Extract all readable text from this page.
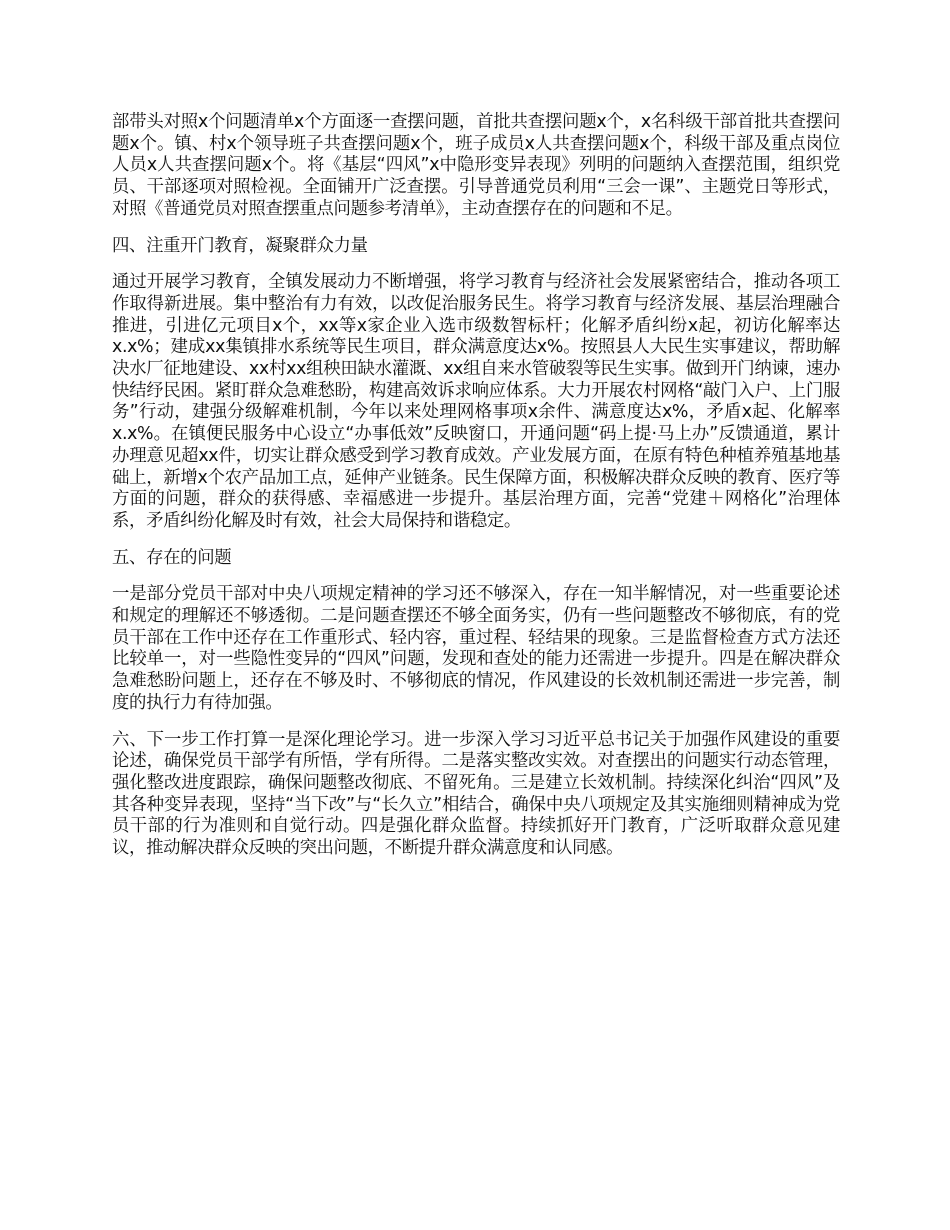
部带头对照x个问题清单x个方面逐一查摆问题，首批共查摆问题x个，x名科级干部首批共查摆问题x个。镇、村x个领导班子共查摆问题x个，班子成员x人共查摆问题x个，科级干部及重点岗位人员x人共查摆问题x个。将《基层“四风”x中隐形变异表现》列明的问题纳入查摆范围，组织党员、干部逐项对照检视。全面铺开广泛查摆。引导普通党员利用“三会一课”、主题党日等形式，对照《普通党员对照查摆重点问题参考清单》，主动查摆存在的问题和不足。

四、注重开门教育，凝聚群众力量

通过开展学习教育，全镇发展动力不断增强，将学习教育与经济社会发展紧密结合，推动各项工作取得新进展。集中整治有力有效，以改促治服务民生。将学习教育与经济发展、基层治理融合推进，引进亿元项目x个，xx等x家企业入选市级数智标杆；化解矛盾纠纷x起，初访化解率达x.x%；建成xx集镇排水系统等民生项目，群众满意度达x%。按照县人大民生实事建议，帮助解决水厂征地建设、xx村xx组秧田缺水灌溉、xx组自来水管破裂等民生实事。做到开门纳谏，速办快结纾民困。紧盯群众急难愁盼，构建高效诉求响应体系。大力开展农村网格“敲门入户、上门服务”行动，建强分级解难机制，今年以来处理网格事项x余件、满意度达x%，矛盾x起、化解率x.x%。在镇便民服务中心设立“办事低效”反映窗口，开通问题“码上提·马上办”反馈通道，累计办理意见超xx件，切实让群众感受到学习教育成效。产业发展方面，在原有特色种植养殖基地基础上，新增x个农产品加工点，延伸产业链条。民生保障方面，积极解决群众反映的教育、医疗等方面的问题，群众的获得感、幸福感进一步提升。基层治理方面，完善“党建＋网格化”治理体系，矛盾纠纷化解及时有效，社会大局保持和谐稳定。

五、存在的问题

一是部分党员干部对中央八项规定精神的学习还不够深入，存在一知半解情况，对一些重要论述和规定的理解还不够透彻。二是问题查摆还不够全面务实，仍有一些问题整改不够彻底，有的党员干部在工作中还存在工作重形式、轻内容，重过程、轻结果的现象。三是监督检查方式方法还比较单一，对一些隐性变异的“四风”问题，发现和查处的能力还需进一步提升。四是在解决群众急难愁盼问题上，还存在不够及时、不够彻底的情况，作风建设的长效机制还需进一步完善，制度的执行力有待加强。

六、下一步工作打算一是深化理论学习。进一步深入学习习近平总书记关于加强作风建设的重要论述，确保党员干部学有所悟，学有所得。二是落实整改实效。对查摆出的问题实行动态管理，强化整改进度跟踪，确保问题整改彻底、不留死角。三是建立长效机制。持续深化纠治“四风”及其各种变异表现，坚持“当下改”与“长久立”相结合，确保中央八项规定及其实施细则精神成为党员干部的行为准则和自觉行动。四是强化群众监督。持续抓好开门教育，广泛听取群众意见建议，推动解决群众反映的突出问题，不断提升群众满意度和认同感。
